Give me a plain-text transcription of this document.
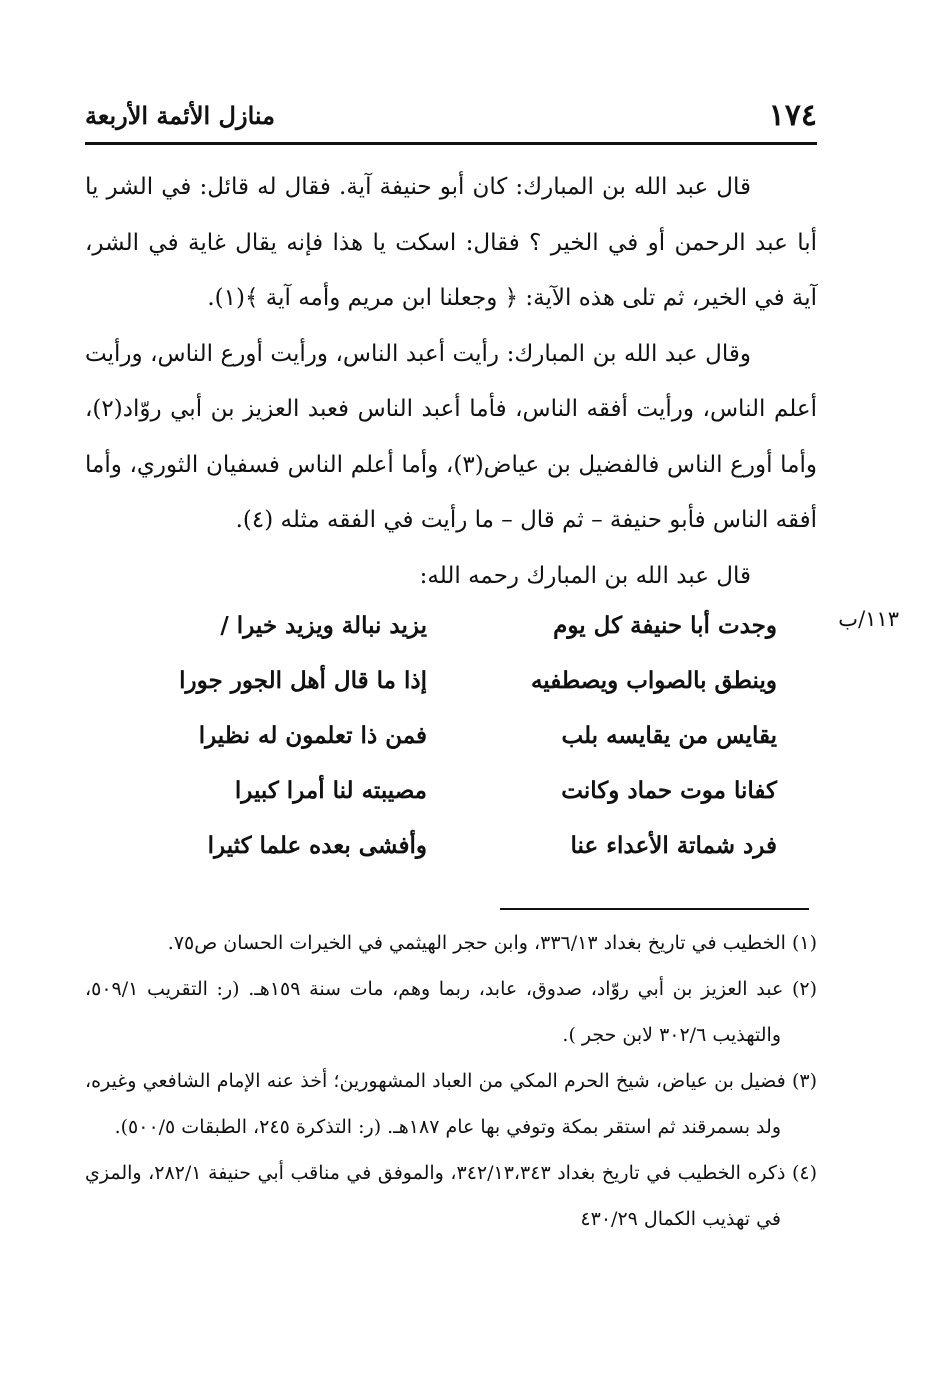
١٧٤
منازل الأئمة الأربعة

قال عبد الله بن المبارك: كان أبو حنيفة آية. فقال له قائل: في الشر يا أبا عبد الرحمن أو في الخير ؟ فقال: اسكت يا هذا فإنه يقال غاية في الشر، آية في الخير، ثم تلى هذه الآية: ﴿ وجعلنا ابن مريم وأمه آية ﴾(١).

وقال عبد الله بن المبارك: رأيت أعبد الناس، ورأيت أورع الناس، ورأيت أعلم الناس، ورأيت أفقه الناس، فأما أعبد الناس فعبد العزيز بن أبي روّاد(٢)، وأما أورع الناس فالفضيل بن عياض(٣)، وأما أعلم الناس فسفيان الثوري، وأما أفقه الناس فأبو حنيفة – ثم قال – ما رأيت في الفقه مثله (٤).

قال عبد الله بن المبارك رحمه الله:

١١٣/ب
وجدت أبا حنيفة كل يوم
يزيد نبالة ويزيد خيرا /
وينطق بالصواب ويصطفيه
إذا ما قال أهل الجور جورا
يقايس من يقايسه بلب
فمن ذا تعلمون له نظيرا
كفانا موت حماد وكانت
مصيبته لنا أمرا كبيرا
فرد شماتة الأعداء عنا
وأفشى بعده علما كثيرا

(١) الخطيب في تاريخ بغداد ٣٣٦/١٣، وابن حجر الهيثمي في الخيرات الحسان ص٧٥.

(٢) عبد العزيز بن أبي روّاد، صدوق، عابد، ربما وهم، مات سنة ١٥٩هـ. (ر: التقريب ٥٠٩/١، والتهذيب ٣٠٢/٦ لابن حجر ).

(٣) فضيل بن عياض، شيخ الحرم المكي من العباد المشهورين؛ أخذ عنه الإمام الشافعي وغيره، ولد بسمرقند ثم استقر بمكة وتوفي بها عام ١٨٧هـ. (ر: التذكرة ٢٤٥، الطبقات ٥٠٠/٥).

(٤) ذكره الخطيب في تاريخ بغداد ٣٤٢/١٣،٣٤٣، والموفق في مناقب أبي حنيفة ٢٨٢/١، والمزي في تهذيب الكمال ٤٣٠/٢٩
